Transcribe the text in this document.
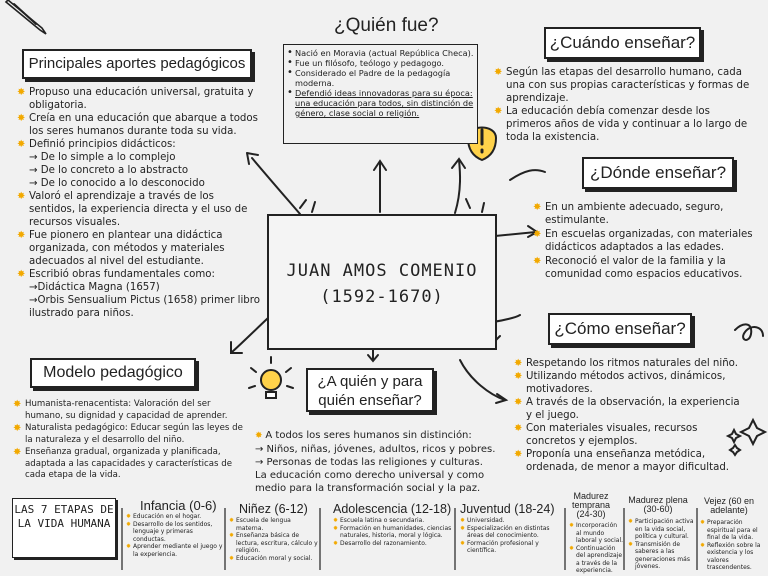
¿Quién fue?
• Nació en Moravia (actual República Checa).
• Fue un filósofo, teólogo y pedagogo.
• Considerado el Padre de la pedagogía moderna.
• Defendió ideas innovadoras para su época: una educación para todos, sin distinción de género, clase social o religión.
Principales aportes pedagógicos
✸ Propuso una educación universal, gratuita y obligatoria.
✸ Creía en una educación que abarque a todos los seres humanos durante toda su vida.
✸ Definió principios didácticos:
→ De lo simple a lo complejo
→ De lo concreto a lo abstracto
→ De lo conocido a lo desconocido
✸ Valoró el aprendizaje a través de los sentidos, la experiencia directa y el uso de recursos visuales.
✸ Fue pionero en plantear una didáctica organizada, con métodos y materiales adecuados al nivel del estudiante.
✸ Escribió obras fundamentales como:
→Didáctica Magna (1657)
→Orbis Sensualium Pictus (1658) primer libro ilustrado para niños.
Modelo pedagógico
✸ Humanista-renacentista: Valoración del ser humano, su dignidad y capacidad de aprender.
✸ Naturalista pedagógico: Educar según las leyes de la naturaleza y el desarrollo del niño.
✸ Enseñanza gradual, organizada y planificada, adaptada a las capacidades y características de cada etapa de la vida.
JUAN AMOS COMENIO
(1592-1670)
¿Cuándo enseñar?
✸ Según las etapas del desarrollo humano, cada una con sus propias características y formas de aprendizaje.
✸ La educación debía comenzar desde los primeros años de vida y continuar a lo largo de toda la existencia.
¿Dónde enseñar?
✸ En un ambiente adecuado, seguro, estimulante.
✸ En escuelas organizadas, con materiales didácticos adaptados a las edades.
✸ Reconoció el valor de la familia y la comunidad como espacios educativos.
¿Cómo enseñar?
✸ Respetando los ritmos naturales del niño.
✸ Utilizando métodos activos, dinámicos, motivadores.
✸ A través de la observación, la experiencia y el juego.
✸ Con materiales visuales, recursos concretos y ejemplos.
✸ Proponía una enseñanza metódica, ordenada, de menor a mayor dificultad.
¿A quién y para quién enseñar?
✸ A todos los seres humanos sin distinción:
→ Niños, niñas, jóvenes, adultos, ricos y pobres.
→ Personas de todas las religiones y culturas.
La educación como derecho universal y como medio para la transformación social y la paz.
LAS 7 ETAPAS DE LA VIDA HUMANA
Infancia (0-6)
✸ Educación en el hogar.
✸ Desarrollo de los sentidos, lenguaje y primeras conductas.
✸ Aprender mediante el juego y la experiencia.
Niñez (6-12)
✸ Escuela de lengua materna.
✸ Enseñanza básica de lectura, escritura, cálculo y religión.
✸ Educación moral y social.
Adolescencia (12-18)
✸ Escuela latina o secundaria.
✸ Formación en humanidades, ciencias naturales, historia, moral y lógica.
✸ Desarrollo del razonamiento.
Juventud (18-24)
✸ Universidad.
✸ Especialización en distintas áreas del conocimiento.
✸ Formación profesional y científica.
Madurez temprana (24-30)
✸ Incorporación al mundo laboral y social.
✸ Continuación del aprendizaje a través de la experiencia.
Madurez plena (30-60)
✸ Participación activa en la vida social, política y cultural.
✸ Transmisión de saberes a las generaciones más jóvenes.
Vejez (60 en adelante)
✸ Preparación espiritual para el final de la vida.
✸ Reflexión sobre la existencia y los valores trascendentes.
